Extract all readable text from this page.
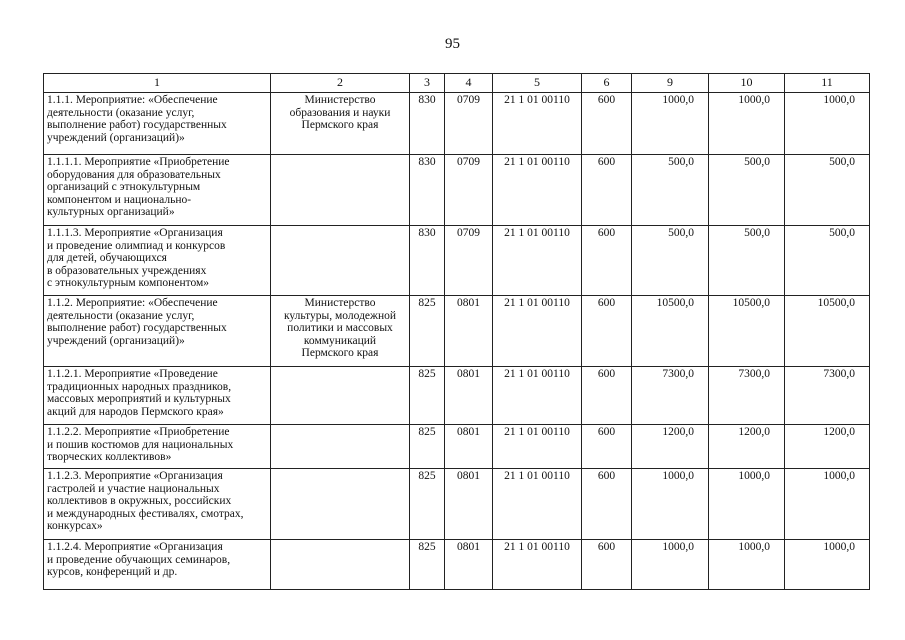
95
1	2	3	4	5	6	9	10	11
1.1.1. Мероприятие: «Обеспечение
деятельности (оказание услуг,
выполнение работ) государственных
учреждений (организаций)»	Министерство
образования и науки
Пермского края	830	0709	21 1 01 00110	600	1000,0	1000,0	1000,0
1.1.1.1. Мероприятие «Приобретение
оборудования для образовательных
организаций с этнокультурным
компонентом и национально-
культурных организаций»		830	0709	21 1 01 00110	600	500,0	500,0	500,0
1.1.1.3. Мероприятие «Организация
и проведение олимпиад и конкурсов
для детей, обучающихся
в образовательных учреждениях
с этнокультурным компонентом»		830	0709	21 1 01 00110	600	500,0	500,0	500,0
1.1.2. Мероприятие: «Обеспечение
деятельности (оказание услуг,
выполнение работ) государственных
учреждений (организаций)»	Министерство
культуры, молодежной
политики и массовых
коммуникаций
Пермского края	825	0801	21 1 01 00110	600	10500,0	10500,0	10500,0
1.1.2.1. Мероприятие «Проведение
традиционных народных праздников,
массовых мероприятий и культурных
акций для народов Пермского края»		825	0801	21 1 01 00110	600	7300,0	7300,0	7300,0
1.1.2.2. Мероприятие «Приобретение
и пошив костюмов для национальных
творческих коллективов»		825	0801	21 1 01 00110	600	1200,0	1200,0	1200,0
1.1.2.3. Мероприятие «Организация
гастролей и участие национальных
коллективов в окружных, российских
и международных фестивалях, смотрах,
конкурсах»		825	0801	21 1 01 00110	600	1000,0	1000,0	1000,0
1.1.2.4. Мероприятие «Организация
и проведение обучающих семинаров,
курсов, конференций и др.		825	0801	21 1 01 00110	600	1000,0	1000,0	1000,0
